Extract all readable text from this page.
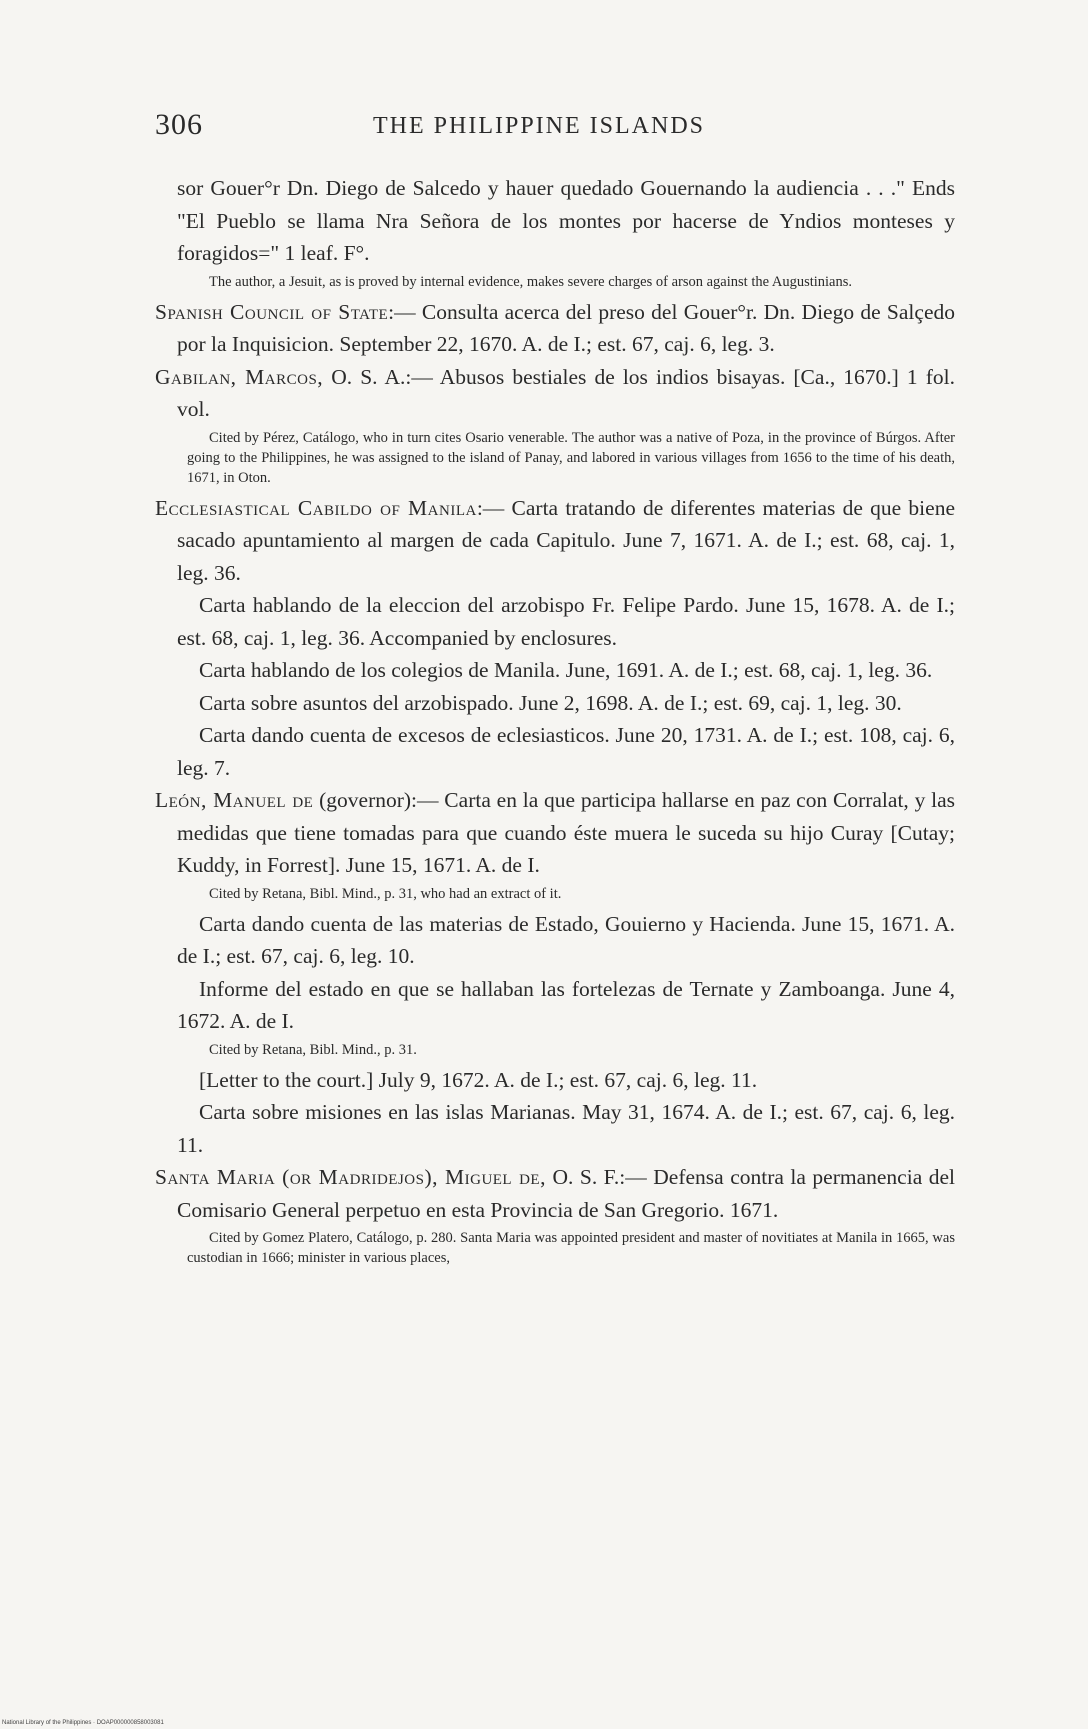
306	THE PHILIPPINE ISLANDS

sor Gouer°r Dn. Diego de Salcedo y hauer quedado Gouernando la audiencia . . ." Ends "El Pueblo se llama Nra Señora de los montes por hacerse de Yndios monteses y foragidos=" 1 leaf. F°.

The author, a Jesuit, as is proved by internal evidence, makes severe charges of arson against the Augustinians.

Spanish Council of State:— Consulta acerca del preso del Gouer°r. Dn. Diego de Salçedo por la Inquisicion. September 22, 1670. A. de I.; est. 67, caj. 6, leg. 3.

Gabilan, Marcos, O. S. A.:— Abusos bestiales de los indios bisayas. [Ca., 1670.] 1 fol. vol.

Cited by Pérez, Catálogo, who in turn cites Osario venerable. The author was a native of Poza, in the province of Búrgos. After going to the Philippines, he was assigned to the island of Panay, and labored in various villages from 1656 to the time of his death, 1671, in Oton.

Ecclesiastical Cabildo of Manila:— Carta tratando de diferentes materias de que biene sacado apuntamiento al margen de cada Capitulo. June 7, 1671. A. de I.; est. 68, caj. 1, leg. 36.

Carta hablando de la eleccion del arzobispo Fr. Felipe Pardo. June 15, 1678. A. de I.; est. 68, caj. 1, leg. 36. Accompanied by enclosures.

Carta hablando de los colegios de Manila. June, 1691. A. de I.; est. 68, caj. 1, leg. 36.

Carta sobre asuntos del arzobispado. June 2, 1698. A. de I.; est. 69, caj. 1, leg. 30.

Carta dando cuenta de excesos de eclesiasticos. June 20, 1731. A. de I.; est. 108, caj. 6, leg. 7.

León, Manuel de (governor):— Carta en la que participa hallarse en paz con Corralat, y las medidas que tiene tomadas para que cuando éste muera le suceda su hijo Curay [Cutay; Kuddy, in Forrest]. June 15, 1671. A. de I.

Cited by Retana, Bibl. Mind., p. 31, who had an extract of it.

Carta dando cuenta de las materias de Estado, Gouierno y Hacienda. June 15, 1671. A. de I.; est. 67, caj. 6, leg. 10.

Informe del estado en que se hallaban las fortelezas de Ternate y Zamboanga. June 4, 1672. A. de I.

Cited by Retana, Bibl. Mind., p. 31.

[Letter to the court.] July 9, 1672. A. de I.; est. 67, caj. 6, leg. 11.

Carta sobre misiones en las islas Marianas. May 31, 1674. A. de I.; est. 67, caj. 6, leg. 11.

Santa Maria (or Madridejos), Miguel de, O. S. F.:— Defensa contra la permanencia del Comisario General perpetuo en esta Provincia de San Gregorio. 1671.

Cited by Gomez Platero, Catálogo, p. 280. Santa Maria was appointed president and master of novitiates at Manila in 1665, was custodian in 1666; minister in various places,
National Library of the Philippines · DOAP000000858003081
